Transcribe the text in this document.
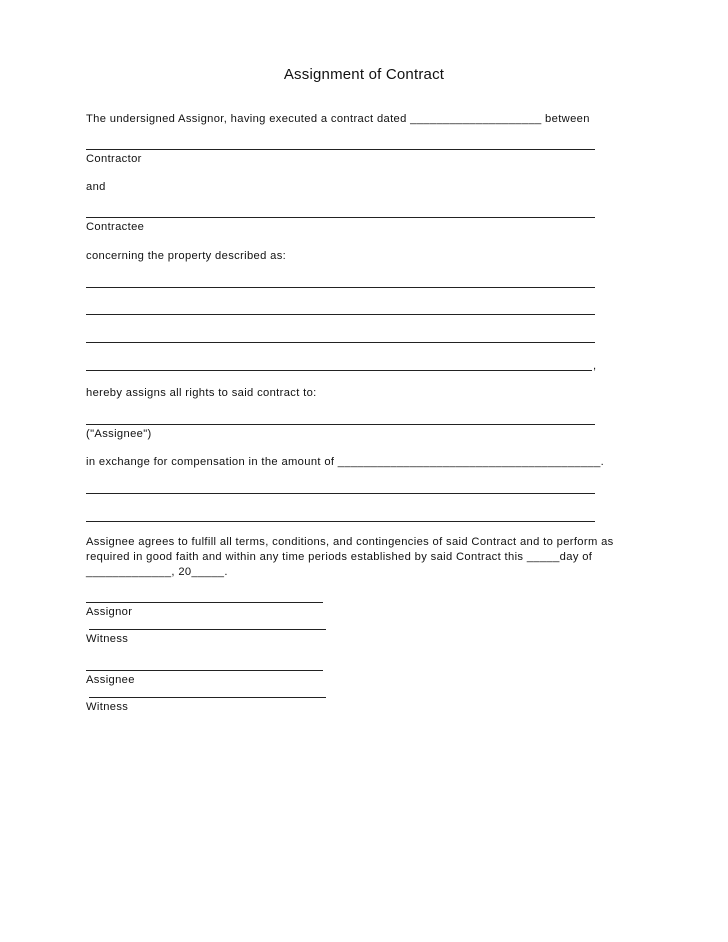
Assignment of Contract
The undersigned Assignor, having executed a contract dated ____________________ between
Contractor
and
Contractee
concerning the property described as:
,
hereby assigns all rights to said contract to:
("Assignee")
in exchange for compensation in the amount of ________________________________________.
Assignee agrees to fulfill all terms, conditions, and contingencies of said Contract and to perform as
required in good faith and within any time periods established by said Contract this _____day of
_____________, 20_____.
Assignor
Witness
Assignee
Witness
